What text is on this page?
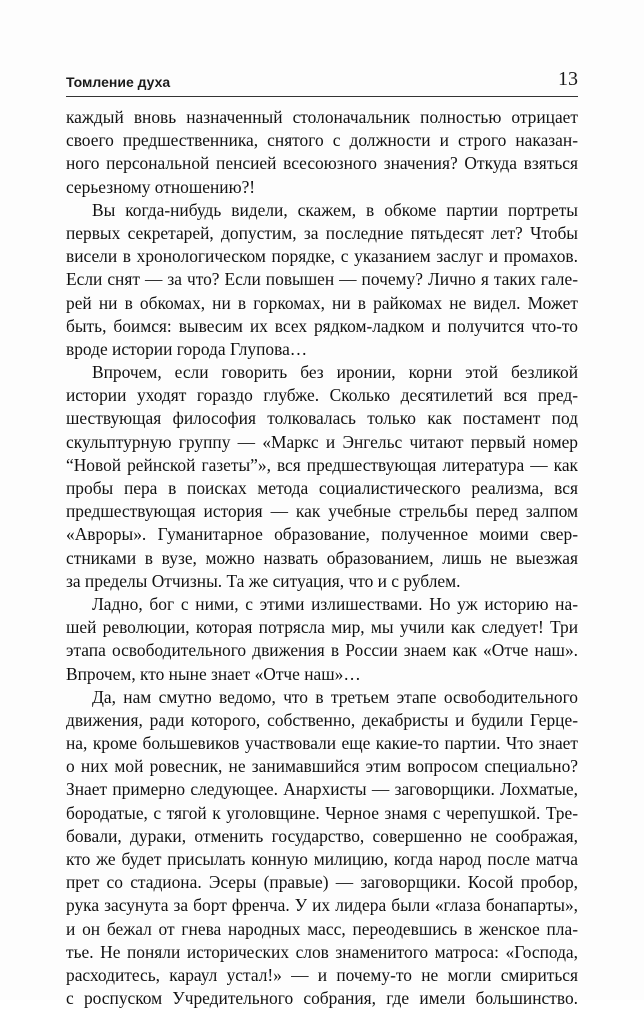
Томление духа	13
каждый вновь назначенный столоначальник полностью отрицает
своего предшественника, снятого с должности и строго наказан-
ного персональной пенсией всесоюзного значения? Откуда взяться
серьезному отношению?!
Вы когда-нибудь видели, скажем, в обкоме партии портреты
первых секретарей, допустим, за последние пятьдесят лет? Чтобы
висели в хронологическом порядке, с указанием заслуг и промахов.
Если снят — за что? Если повышен — почему? Лично я таких гале-
рей ни в обкомах, ни в горкомах, ни в райкомах не видел. Может
быть, боимся: вывесим их всех рядком-ладком и получится что-то
вроде истории города Глупова…
Впрочем, если говорить без иронии, корни этой безликой
истории уходят гораздо глубже. Сколько десятилетий вся пред-
шествующая философия толковалась только как постамент под
скульптурную группу — «Маркс и Энгельс читают первый номер
“Новой рейнской газеты”», вся предшествующая литература — как
пробы пера в поисках метода социалистического реализма, вся
предшествующая история — как учебные стрельбы перед залпом
«Авроры». Гуманитарное образование, полученное моими свер-
стниками в вузе, можно назвать образованием, лишь не выезжая
за пределы Отчизны. Та же ситуация, что и с рублем.
Ладно, бог с ними, с этими излишествами. Но уж историю на-
шей революции, которая потрясла мир, мы учили как следует! Три
этапа освободительного движения в России знаем как «Отче наш».
Впрочем, кто ныне знает «Отче наш»…
Да, нам смутно ведомо, что в третьем этапе освободительного
движения, ради которого, собственно, декабристы и будили Герце-
на, кроме большевиков участвовали еще какие-то партии. Что знает
о них мой ровесник, не занимавшийся этим вопросом специально?
Знает примерно следующее. Анархисты — заговорщики. Лохматые,
бородатые, с тягой к уголовщине. Черное знамя с черепушкой. Тре-
бовали, дураки, отменить государство, совершенно не соображая,
кто же будет присылать конную милицию, когда народ после матча
прет со стадиона. Эсеры (правые) — заговорщики. Косой пробор,
рука засунута за борт френча. У их лидера были «глаза бонапарты»,
и он бежал от гнева народных масс, переодевшись в женское пла-
тье. Не поняли исторических слов знаменитого матроса: «Господа,
расходитесь, караул устал!» — и почему-то не могли смириться
с роспуском Учредительного собрания, где имели большинство.
